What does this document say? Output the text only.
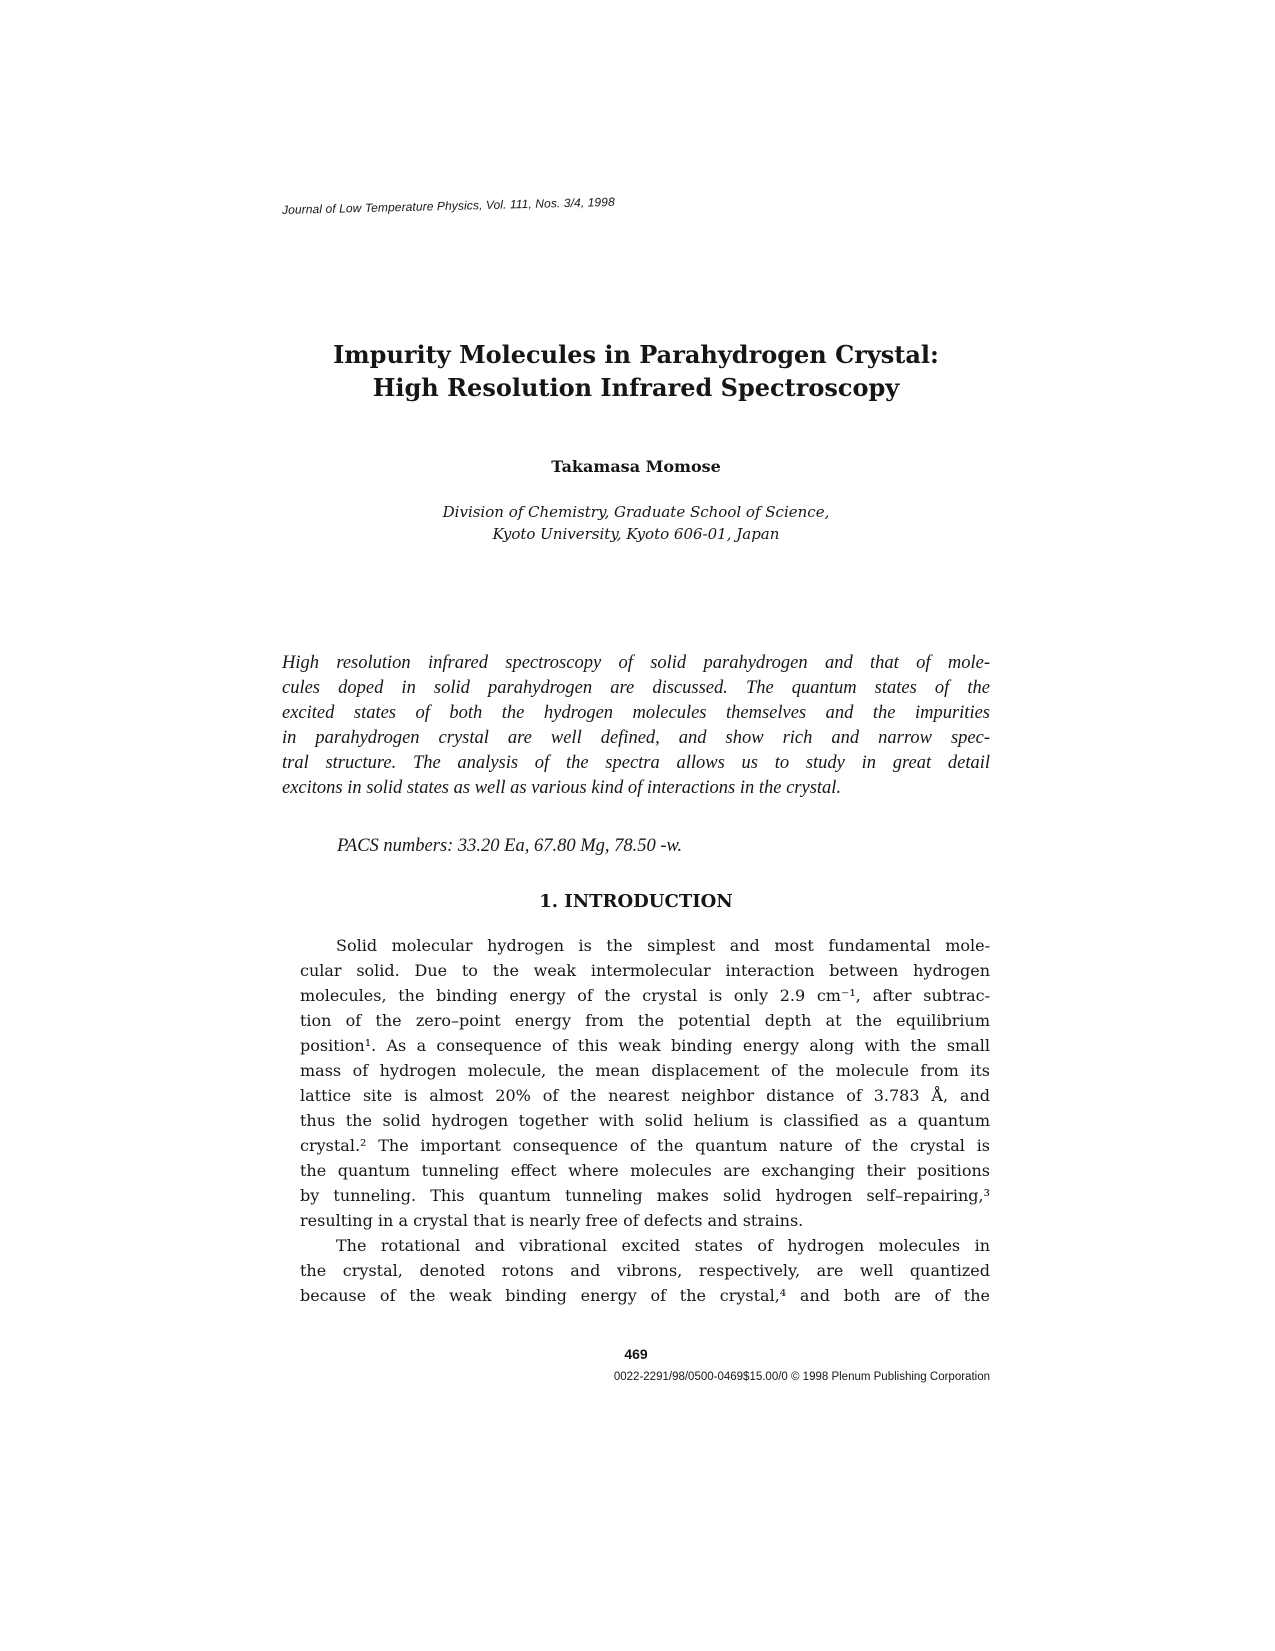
Journal of Low Temperature Physics, Vol. 111, Nos. 3/4, 1998
Impurity Molecules in Parahydrogen Crystal:
High Resolution Infrared Spectroscopy
Takamasa Momose
Division of Chemistry, Graduate School of Science,
Kyoto University, Kyoto 606-01, Japan
High resolution infrared spectroscopy of solid parahydrogen and that of mole-
cules doped in solid parahydrogen are discussed. The quantum states of the
excited states of both the hydrogen molecules themselves and the impurities
in parahydrogen crystal are well defined, and show rich and narrow spec-
tral structure. The analysis of the spectra allows us to study in great detail
excitons in solid states as well as various kind of interactions in the crystal.
PACS numbers: 33.20 Ea, 67.80 Mg, 78.50 -w.
1. INTRODUCTION
Solid molecular hydrogen is the simplest and most fundamental mole-
cular solid. Due to the weak intermolecular interaction between hydrogen
molecules, the binding energy of the crystal is only 2.9 cm⁻¹, after subtrac-
tion of the zero–point energy from the potential depth at the equilibrium
position¹. As a consequence of this weak binding energy along with the small
mass of hydrogen molecule, the mean displacement of the molecule from its
lattice site is almost 20% of the nearest neighbor distance of 3.783 Å, and
thus the solid hydrogen together with solid helium is classified as a quantum
crystal.² The important consequence of the quantum nature of the crystal is
the quantum tunneling effect where molecules are exchanging their positions
by tunneling. This quantum tunneling makes solid hydrogen self–repairing,³
resulting in a crystal that is nearly free of defects and strains.
The rotational and vibrational excited states of hydrogen molecules in
the crystal, denoted rotons and vibrons, respectively, are well quantized
because of the weak binding energy of the crystal,⁴ and both are of the
469
0022-2291/98/0500-0469$15.00/0 © 1998 Plenum Publishing Corporation
